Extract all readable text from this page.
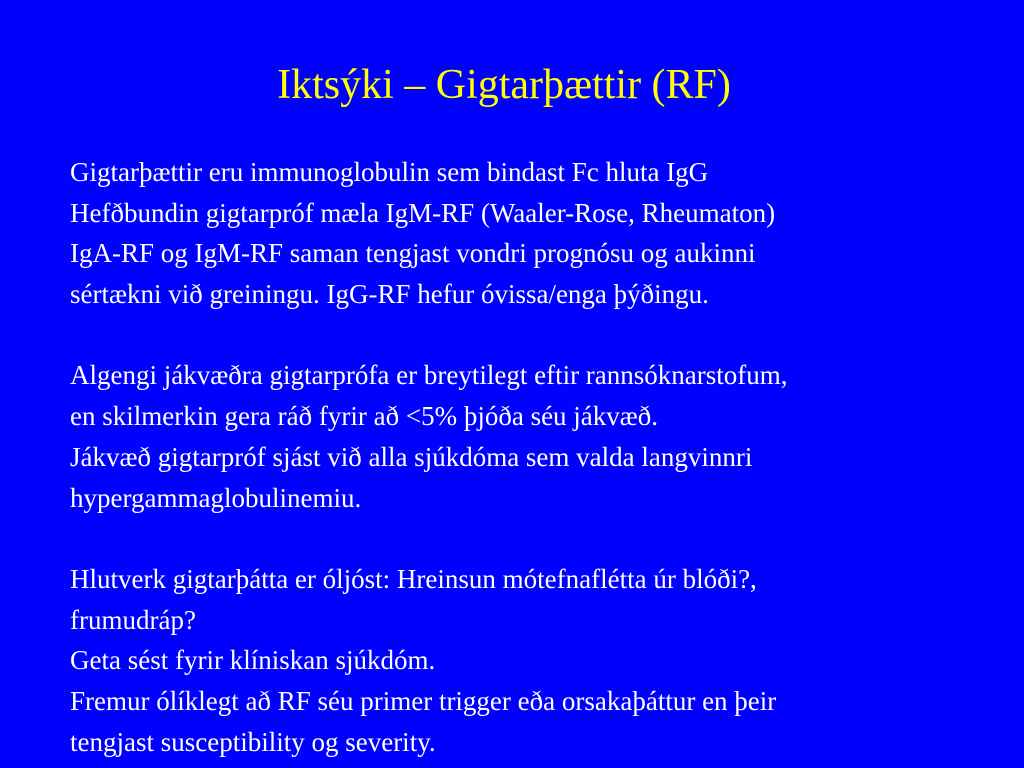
Iktsýki – Gigtarþættir (RF)
Gigtarþættir eru immunoglobulin sem bindast Fc hluta IgG
Hefðbundin gigtarpróf mæla IgM-RF (Waaler-Rose, Rheumaton)
IgA-RF og IgM-RF saman tengjast vondri prognósu og aukinni
sértækni við greiningu. IgG-RF hefur óvissa/enga þýðingu.
Algengi jákvæðra gigtarprófa er breytilegt eftir rannsóknarstofum,
en skilmerkin gera ráð fyrir að <5% þjóða séu jákvæð.
Jákvæð gigtarpróf sjást við alla sjúkdóma sem valda langvinnri
hypergammaglobulinemiu.
Hlutverk gigtarþátta er óljóst: Hreinsun mótefnaflétta úr blóði?,
frumudráp?
Geta sést fyrir klíniskan sjúkdóm.
Fremur ólíklegt að RF séu primer trigger eða orsakaþáttur en þeir
tengjast susceptibility og severity.
